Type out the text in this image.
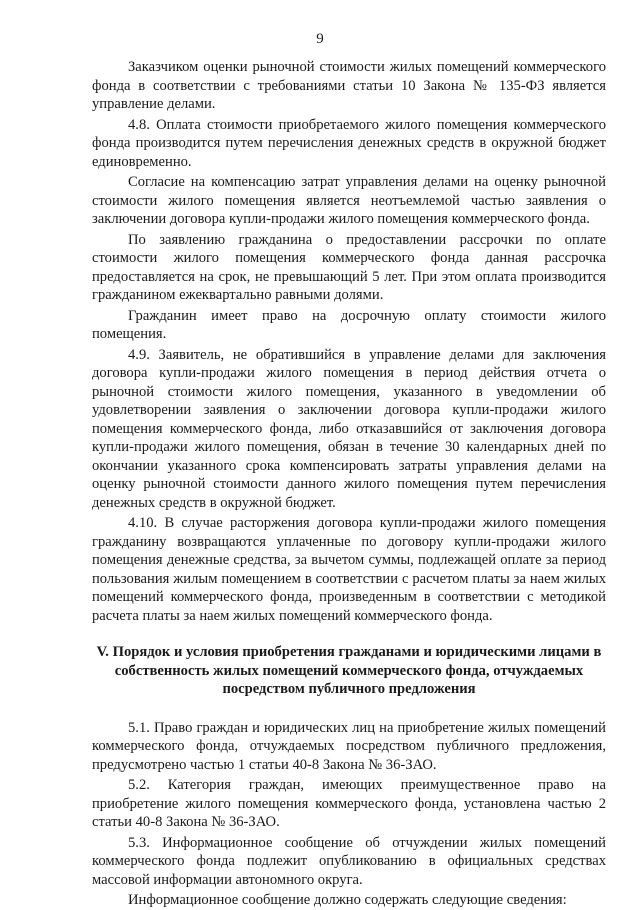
9

Заказчиком оценки рыночной стоимости жилых помещений коммерческого фонда в соответствии с требованиями статьи 10 Закона № 135-ФЗ является управление делами.

4.8. Оплата стоимости приобретаемого жилого помещения коммерческого фонда производится путем перечисления денежных средств в окружной бюджет единовременно.

Согласие на компенсацию затрат управления делами на оценку рыночной стоимости жилого помещения является неотъемлемой частью заявления о заключении договора купли-продажи жилого помещения коммерческого фонда.

По заявлению гражданина о предоставлении рассрочки по оплате стоимости жилого помещения коммерческого фонда данная рассрочка предоставляется на срок, не превышающий 5 лет. При этом оплата производится гражданином ежеквартально равными долями.

Гражданин имеет право на досрочную оплату стоимости жилого помещения.

4.9. Заявитель, не обратившийся в управление делами для заключения договора купли-продажи жилого помещения в период действия отчета о рыночной стоимости жилого помещения, указанного в уведомлении об удовлетворении заявления о заключении договора купли-продажи жилого помещения коммерческого фонда, либо отказавшийся от заключения договора купли-продажи жилого помещения, обязан в течение 30 календарных дней по окончании указанного срока компенсировать затраты управления делами на оценку рыночной стоимости данного жилого помещения путем перечисления денежных средств в окружной бюджет.

4.10. В случае расторжения договора купли-продажи жилого помещения гражданину возвращаются уплаченные по договору купли-продажи жилого помещения денежные средства, за вычетом суммы, подлежащей оплате за период пользования жилым помещением в соответствии с расчетом платы за наем жилых помещений коммерческого фонда, произведенным в соответствии с методикой расчета платы за наем жилых помещений коммерческого фонда.

V. Порядок и условия приобретения гражданами и юридическими лицами в собственность жилых помещений коммерческого фонда, отчуждаемых посредством публичного предложения

5.1. Право граждан и юридических лиц на приобретение жилых помещений коммерческого фонда, отчуждаемых посредством публичного предложения, предусмотрено частью 1 статьи 40-8 Закона № 36-ЗАО.

5.2. Категория граждан, имеющих преимущественное право на приобретение жилого помещения коммерческого фонда, установлена частью 2 статьи 40-8 Закона № 36-ЗАО.

5.3. Информационное сообщение об отчуждении жилых помещений коммерческого фонда подлежит опубликованию в официальных средствах массовой информации автономного округа.

Информационное сообщение должно содержать следующие сведения:
